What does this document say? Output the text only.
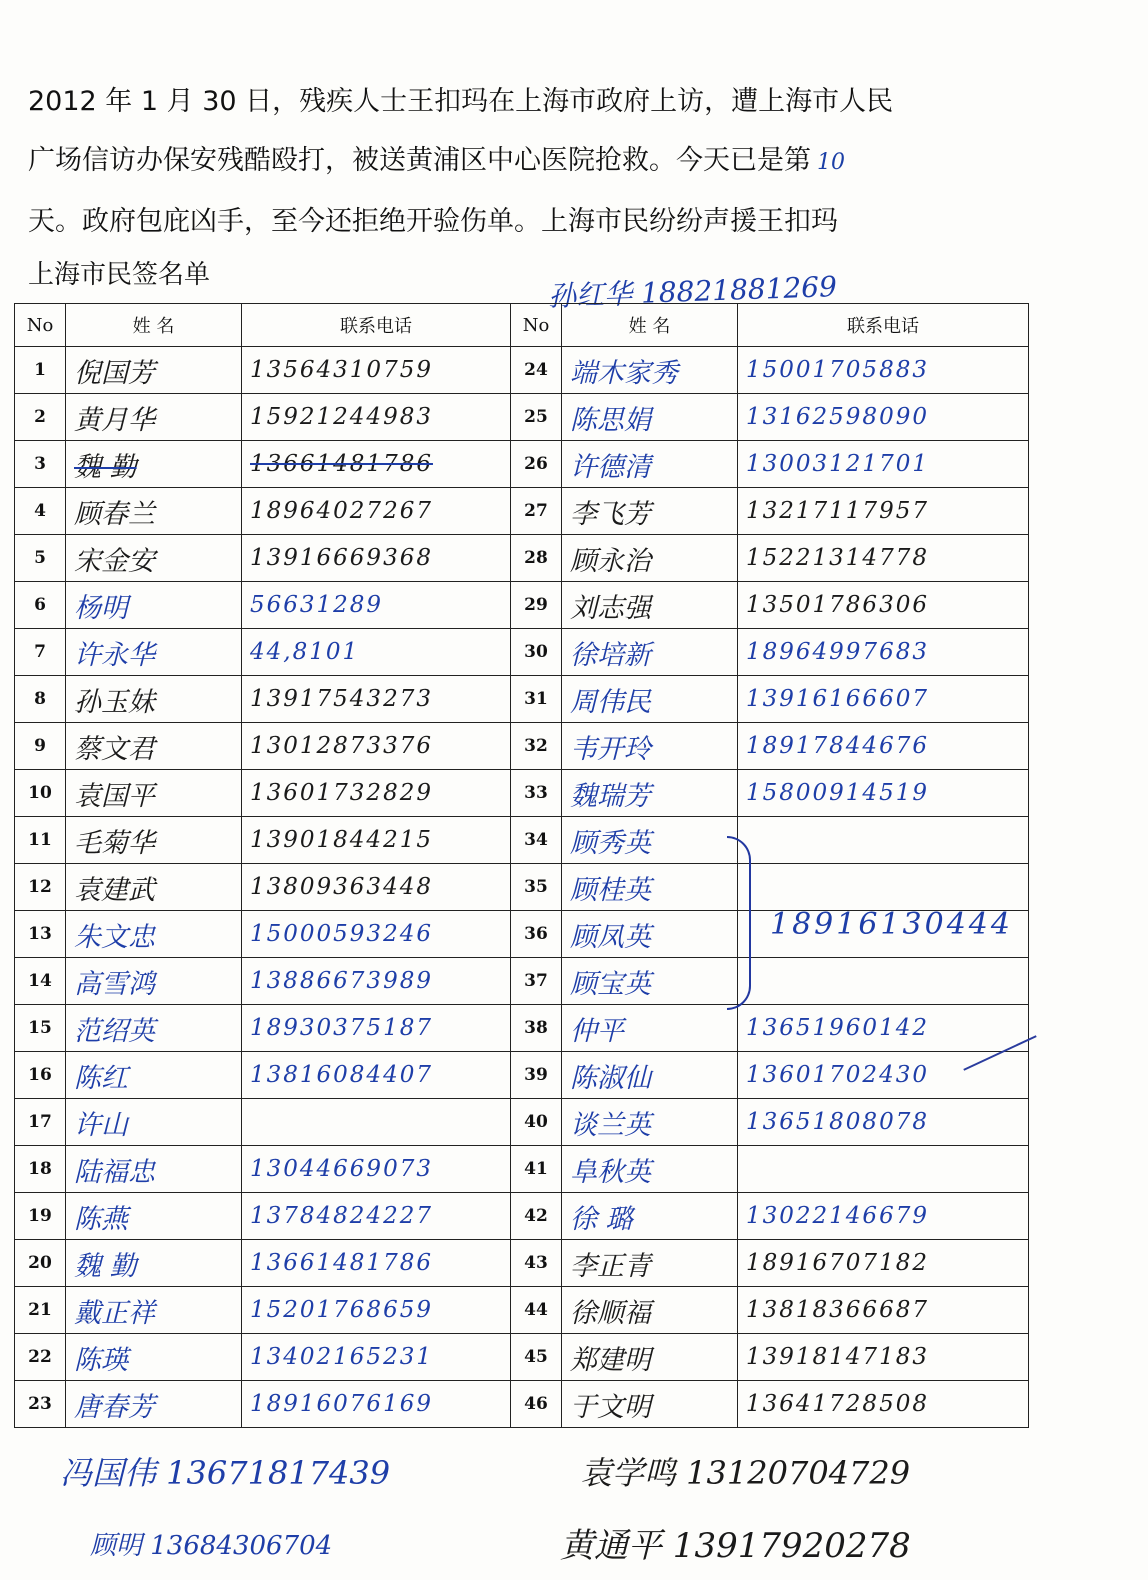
2012 年 1 月 30 日，残疾人士王扣玛在上海市政府上访，遭上海市人民
广场信访办保安残酷殴打，被送黄浦区中心医院抢救。今天已是第 10
天。政府包庇凶手，至今还拒绝开验伤单。上海市民纷纷声援王扣玛
上海市民签名单	孙红华 18821881269
No	姓 名	联系电话	No	姓 名	联系电话
1	倪国芳	13564310759	24	端木家秀	15001705883

2	黄月华	15921244983	25	陈思娟	13162598090

3	魏 勤	13661481786	26	许德清	13003121701

4	顾春兰	18964027267	27	李飞芳	13217117957

5	宋金安	13916669368	28	顾永治	15221314778

6	杨明	56631289	29	刘志强	13501786306

7	许永华	44,8101	30	徐培新	18964997683

8	孙玉妹	13917543273	31	周伟民	13916166607

9	蔡文君	13012873376	32	韦开玲	18917844676

10	袁国平	13601732829	33	魏瑞芳	15800914519

11	毛菊华	13901844215	34	顾秀英	

12	袁建武	13809363448	35	顾桂英	

13	朱文忠	15000593246	36	顾凤英	

14	高雪鸿	13886673989	37	顾宝英	

15	范绍英	18930375187	38	仲平	13651960142

16	陈红	13816084407	39	陈淑仙	13601702430

17	许山		40	谈兰英	13651808078

18	陆福忠	13044669073	41	阜秋英	

19	陈燕	13784824227	42	徐 璐	13022146679

20	魏 勤	13661481786	43	李正青	18916707182

21	戴正祥	15201768659	44	徐顺福	13818366687

22	陈瑛	13402165231	45	郑建明	13918147183

23	唐春芳	18916076169	46	于文明	13641728508
18916130444
冯国伟 13671817439	袁学鸣 13120704729
顾明 13684306704	黄通平 13917920278
